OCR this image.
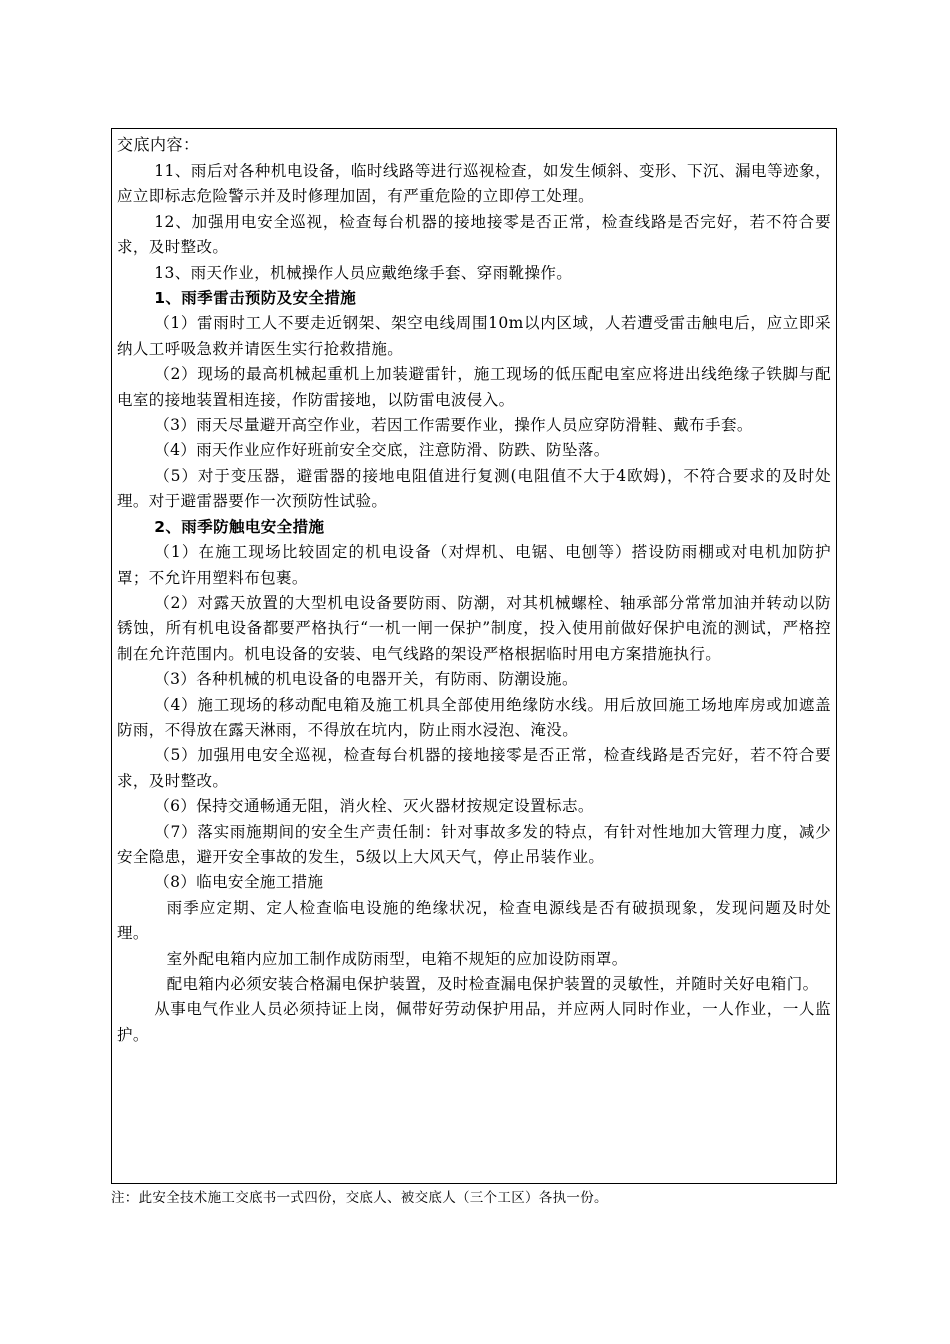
交底内容：

11、雨后对各种机电设备，临时线路等进行巡视检查，如发生倾斜、变形、下沉、漏电等迹象，应立即标志危险警示并及时修理加固，有严重危险的立即停工处理。

12、加强用电安全巡视，检查每台机器的接地接零是否正常，检查线路是否完好，若不符合要求，及时整改。

13、雨天作业，机械操作人员应戴绝缘手套、穿雨靴操作。

1、雨季雷击预防及安全措施

（1）雷雨时工人不要走近钢架、架空电线周围10m以内区域，人若遭受雷击触电后，应立即采纳人工呼吸急救并请医生实行抢救措施。

（2）现场的最高机械起重机上加装避雷针，施工现场的低压配电室应将进出线绝缘子铁脚与配电室的接地装置相连接，作防雷接地，以防雷电波侵入。

（3）雨天尽量避开高空作业，若因工作需要作业，操作人员应穿防滑鞋、戴布手套。

（4）雨天作业应作好班前安全交底，注意防滑、防跌、防坠落。

（5）对于变压器，避雷器的接地电阻值进行复测(电阻值不大于4欧姆)，不符合要求的及时处理。对于避雷器要作一次预防性试验。

2、雨季防触电安全措施

（1）在施工现场比较固定的机电设备（对焊机、电锯、电刨等）搭设防雨棚或对电机加防护罩；不允许用塑料布包裹。

（2）对露天放置的大型机电设备要防雨、防潮，对其机械螺栓、轴承部分常常加油并转动以防锈蚀，所有机电设备都要严格执行“一机一闸一保护”制度，投入使用前做好保护电流的测试，严格控制在允许范围内。机电设备的安装、电气线路的架设严格根据临时用电方案措施执行。

（3）各种机械的机电设备的电器开关，有防雨、防潮设施。

（4）施工现场的移动配电箱及施工机具全部使用绝缘防水线。用后放回施工场地库房或加遮盖防雨，不得放在露天淋雨，不得放在坑内，防止雨水浸泡、淹没。

（5）加强用电安全巡视，检查每台机器的接地接零是否正常，检查线路是否完好，若不符合要求，及时整改。

（6）保持交通畅通无阻，消火栓、灭火器材按规定设置标志。

（7）落实雨施期间的安全生产责任制：针对事故多发的特点，有针对性地加大管理力度，减少安全隐患，避开安全事故的发生，5级以上大风天气，停止吊装作业。

（8）临电安全施工措施

雨季应定期、定人检查临电设施的绝缘状况，检查电源线是否有破损现象，发现问题及时处理。

室外配电箱内应加工制作成防雨型，电箱不规矩的应加设防雨罩。

配电箱内必须安装合格漏电保护装置，及时检查漏电保护装置的灵敏性，并随时关好电箱门。

从事电气作业人员必须持证上岗，佩带好劳动保护用品，并应两人同时作业，一人作业，一人监护。

注：此安全技术施工交底书一式四份，交底人、被交底人（三个工区）各执一份。
